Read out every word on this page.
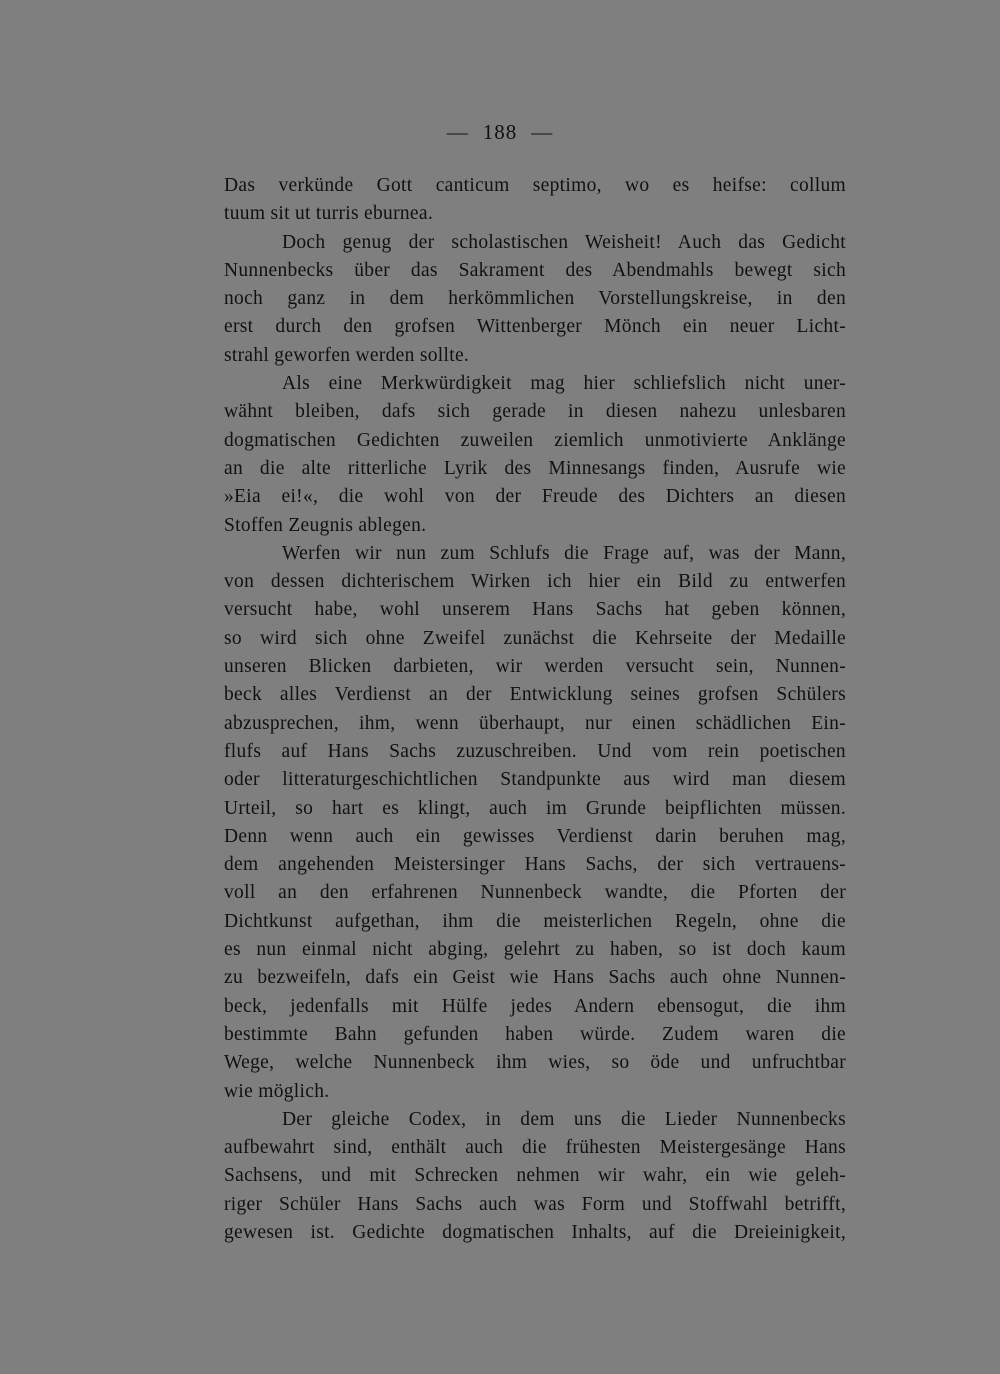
— 188 —
Das verkünde Gott canticum septimo, wo es heifse: collum
tuum sit ut turris eburnea.
Doch genug der scholastischen Weisheit! Auch das Gedicht
Nunnenbecks über das Sakrament des Abendmahls bewegt sich
noch ganz in dem herkömmlichen Vorstellungskreise, in den
erst durch den grofsen Wittenberger Mönch ein neuer Licht-
strahl geworfen werden sollte.
Als eine Merkwürdigkeit mag hier schliefslich nicht uner-
wähnt bleiben, dafs sich gerade in diesen nahezu unlesbaren
dogmatischen Gedichten zuweilen ziemlich unmotivierte Anklänge
an die alte ritterliche Lyrik des Minnesangs finden, Ausrufe wie
»Eia ei!«, die wohl von der Freude des Dichters an diesen
Stoffen Zeugnis ablegen.
Werfen wir nun zum Schlufs die Frage auf, was der Mann,
von dessen dichterischem Wirken ich hier ein Bild zu entwerfen
versucht habe, wohl unserem Hans Sachs hat geben können,
so wird sich ohne Zweifel zunächst die Kehrseite der Medaille
unseren Blicken darbieten, wir werden versucht sein, Nunnen-
beck alles Verdienst an der Entwicklung seines grofsen Schülers
abzusprechen, ihm, wenn überhaupt, nur einen schädlichen Ein-
flufs auf Hans Sachs zuzuschreiben. Und vom rein poetischen
oder litteraturgeschichtlichen Standpunkte aus wird man diesem
Urteil, so hart es klingt, auch im Grunde beipflichten müssen.
Denn wenn auch ein gewisses Verdienst darin beruhen mag,
dem angehenden Meistersinger Hans Sachs, der sich vertrauens-
voll an den erfahrenen Nunnenbeck wandte, die Pforten der
Dichtkunst aufgethan, ihm die meisterlichen Regeln, ohne die
es nun einmal nicht abging, gelehrt zu haben, so ist doch kaum
zu bezweifeln, dafs ein Geist wie Hans Sachs auch ohne Nunnen-
beck, jedenfalls mit Hülfe jedes Andern ebensogut, die ihm
bestimmte Bahn gefunden haben würde. Zudem waren die
Wege, welche Nunnenbeck ihm wies, so öde und unfruchtbar
wie möglich.
Der gleiche Codex, in dem uns die Lieder Nunnenbecks
aufbewahrt sind, enthält auch die frühesten Meistergesänge Hans
Sachsens, und mit Schrecken nehmen wir wahr, ein wie geleh-
riger Schüler Hans Sachs auch was Form und Stoffwahl betrifft,
gewesen ist. Gedichte dogmatischen Inhalts, auf die Dreieinigkeit,
